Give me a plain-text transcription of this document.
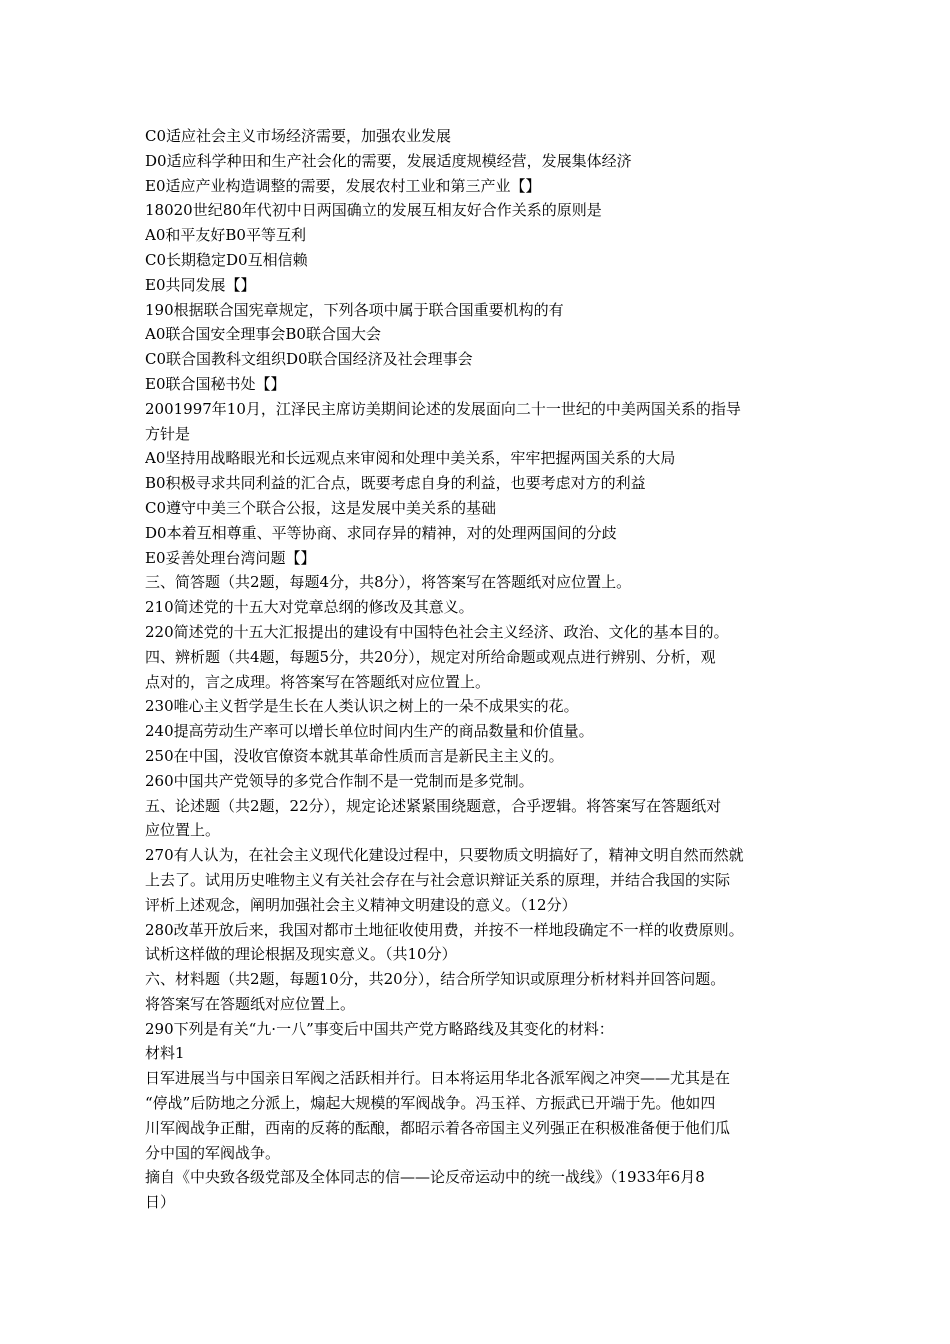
C0适应社会主义市场经济需要，加强农业发展

D0适应科学种田和生产社会化的需要，发展适度规模经营，发展集体经济

E0适应产业构造调整的需要，发展农村工业和第三产业【】

18020世纪80年代初中日两国确立的发展互相友好合作关系的原则是

A0和平友好B0平等互利

C0长期稳定D0互相信赖

E0共同发展【】

190根据联合国宪章规定，下列各项中属于联合国重要机构的有

A0联合国安全理事会B0联合国大会

C0联合国教科文组织D0联合国经济及社会理事会

E0联合国秘书处【】

2001997年10月，江泽民主席访美期间论述的发展面向二十一世纪的中美两国关系的指导

方针是

A0坚持用战略眼光和长远观点来审阅和处理中美关系，牢牢把握两国关系的大局

B0积极寻求共同利益的汇合点，既要考虑自身的利益，也要考虑对方的利益

C0遵守中美三个联合公报，这是发展中美关系的基础

D0本着互相尊重、平等协商、求同存异的精神，对的处理两国间的分歧

E0妥善处理台湾问题【】

三、简答题（共2题，每题4分，共8分），将答案写在答题纸对应位置上。

210简述党的十五大对党章总纲的修改及其意义。

220简述党的十五大汇报提出的建设有中国特色社会主义经济、政治、文化的基本目的。

四、辨析题（共4题，每题5分，共20分），规定对所给命题或观点进行辨别、分析，观

点对的，言之成理。将答案写在答题纸对应位置上。

230唯心主义哲学是生长在人类认识之树上的一朵不成果实的花。

240提高劳动生产率可以增长单位时间内生产的商品数量和价值量。

250在中国，没收官僚资本就其革命性质而言是新民主主义的。

260中国共产党领导的多党合作制不是一党制而是多党制。

五、论述题（共2题，22分），规定论述紧紧围绕题意，合乎逻辑。将答案写在答题纸对

应位置上。

270有人认为，在社会主义现代化建设过程中，只要物质文明搞好了，精神文明自然而然就

上去了。试用历史唯物主义有关社会存在与社会意识辩证关系的原理，并结合我国的实际

评析上述观念，阐明加强社会主义精神文明建设的意义。（12分）

280改革开放后来，我国对都市土地征收使用费，并按不一样地段确定不一样的收费原则。

试析这样做的理论根据及现实意义。（共10分）

六、材料题（共2题，每题10分，共20分），结合所学知识或原理分析材料并回答问题。

将答案写在答题纸对应位置上。

290下列是有关“九·一八”事变后中国共产党方略路线及其变化的材料：

材料1

日军进展当与中国亲日军阀之活跃相并行。日本将运用华北各派军阀之冲突——尤其是在

“停战”后防地之分派上，煽起大规模的军阀战争。冯玉祥、方振武已开端于先。他如四

川军阀战争正酣，西南的反蒋的酝酿，都昭示着各帝国主义列强正在积极准备便于他们瓜

分中国的军阀战争。

摘自《中央致各级党部及全体同志的信——论反帝运动中的统一战线》（1933年6月8

日）
